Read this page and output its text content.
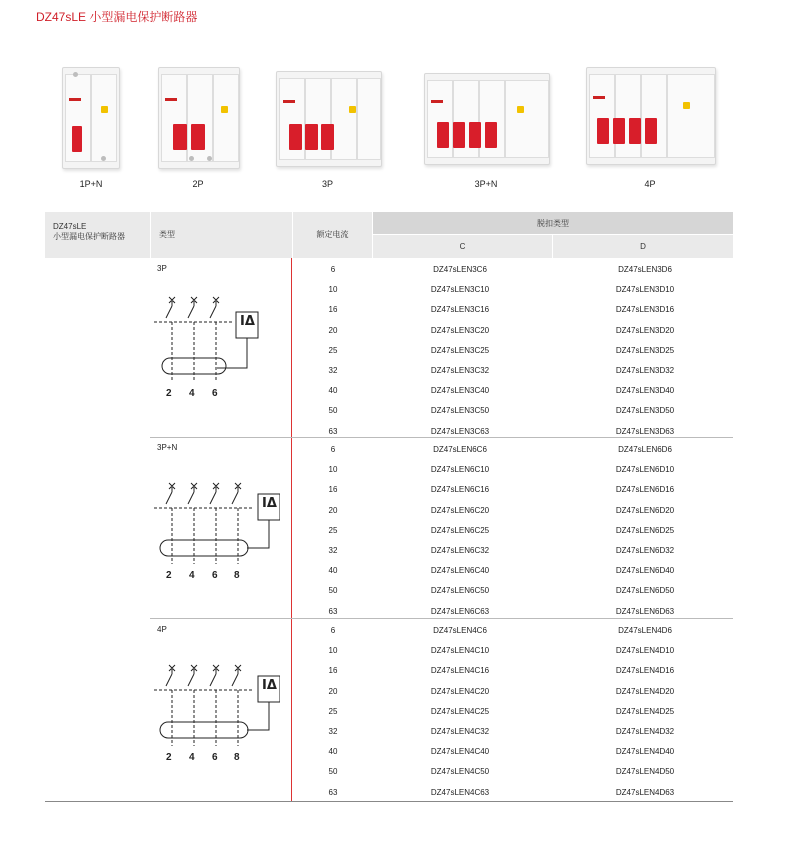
DZ47sLE 小型漏电保护断路器
1P+N	2P	3P	3P+N	4P
DZ47sLE
小型漏电保护断路器	类型	额定电流
脱扣类型
C	D
3P
IΔ
2 4 6
3P+N
IΔ
2 4 6 8
4P
IΔ
2 4 6 8
6	DZ47sLEN3C6	DZ47sLEN3D6
10	DZ47sLEN3C10	DZ47sLEN3D10
16	DZ47sLEN3C16	DZ47sLEN3D16
20	DZ47sLEN3C20	DZ47sLEN3D20
25	DZ47sLEN3C25	DZ47sLEN3D25
32	DZ47sLEN3C32	DZ47sLEN3D32
40	DZ47sLEN3C40	DZ47sLEN3D40
50	DZ47sLEN3C50	DZ47sLEN3D50
63	DZ47sLEN3C63	DZ47sLEN3D63
6	DZ47sLEN6C6	DZ47sLEN6D6
10	DZ47sLEN6C10	DZ47sLEN6D10
16	DZ47sLEN6C16	DZ47sLEN6D16
20	DZ47sLEN6C20	DZ47sLEN6D20
25	DZ47sLEN6C25	DZ47sLEN6D25
32	DZ47sLEN6C32	DZ47sLEN6D32
40	DZ47sLEN6C40	DZ47sLEN6D40
50	DZ47sLEN6C50	DZ47sLEN6D50
63	DZ47sLEN6C63	DZ47sLEN6D63
6	DZ47sLEN4C6	DZ47sLEN4D6
10	DZ47sLEN4C10	DZ47sLEN4D10
16	DZ47sLEN4C16	DZ47sLEN4D16
20	DZ47sLEN4C20	DZ47sLEN4D20
25	DZ47sLEN4C25	DZ47sLEN4D25
32	DZ47sLEN4C32	DZ47sLEN4D32
40	DZ47sLEN4C40	DZ47sLEN4D40
50	DZ47sLEN4C50	DZ47sLEN4D50
63	DZ47sLEN4C63	DZ47sLEN4D63
